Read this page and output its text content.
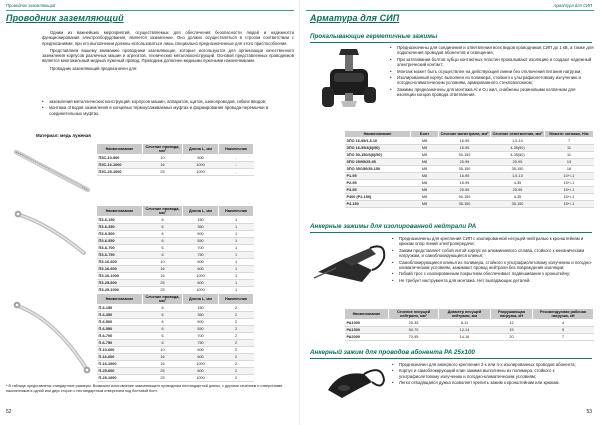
Проводник заземляющий
Проводник заземляющий

Одним из важнейших мероприятий, осуществляемых для обеспечения безопасности людей и надежности функционирования электрооборудования, является заземление. Оно должно осуществляться в строгом соответствии с предписаниями, при его выполнении должны использоваться лишь специально предназначенные для этого приспособления.

Представляем вашему вниманию проводники заземляющие, которые используются для организации качественного заземления корпусов различных машин и агрегатов, технических металлоконструкций. Основой представленных проводников является многожильный медный луженый провод. Проводник дополнен медными лужеными наконечниками.

Проводник заземляющий предназначен для:

• заземления металлических конструкций, корпусов машин, аппаратов, щитов, шинопроводов, гибких вводов;
• монтажа отводов заземления в концевых термоусаживаемых муфтах и формирования провода-перемычки в соединительных муфтах.
Материал: медь луженая
Наименование	Сечение провода, мм²	Длина L, мм	Наконечник
ПЗС-10-500	10	500	-
ПЗС-16-1000	16	1000	-
ПЗС-25-1000	25	1000	-
Наименование	Сечение провода, мм²	Длина L, мм	Наконечник
ПЗ-6-150	6	150	1
ПЗ-6-350	6	350	1
ПЗ-6-500	6	500	1
ПЗ-6-550	6	550	1
ПЗ-6-700	6	700	1
ПЗ-6-750	6	750	1
ПЗ-10-600	10	600	1
ПЗ-16-600	16	600	1
ПЗ-16-1000	16	1000	1
ПЗ-25-600	25	600	1
ПЗ-25-1000	25	1000	1
Наименование	Сечение провода, мм²	Длина L, мм	Наконечник
П-6-150	6	150	2
П-6-350	6	350	2
П-6-500	6	500	2
П-6-550	6	550	2
П-6-700	6	700	2
П-6-750	6	750	2
П-10-600	10	600	2
П-16-600	16	600	2
П-16-1000	16	1000	2
П-25-600	25	600	2
П-25-1000	25	1000	2
* В таблице представлены стандартные размеры. Возможно изготовление заземляющего проводника нестандартной длины, с другими сечением и отверстиями наконечников в одной или двух сторон с нестандартным отверстием под болтовой болт.
52
Арматура для СИП
Арматура для СИП
Прокалывающие герметичные зажимы
• Предназначены для соединения и ответвления всех видов проводников СИП до 1 кВ, а также для подключения проводов абонентов и освещения;
• При затягивании болтов зубцы контактных пластин прокалывают изоляцию и создают надежный электрический контакт;
• Монтаж может быть осуществлен на действующей линии без отключения питания нагрузки;
• Изолированный корпус выполнен из полимера, стойкого к ультрафиолетовому излучению и погодно-климатическим условиям, армированного стекловолокном;
• Зажимы предназначены для монтажа Al и Cu жил, снабжены резиновыми колпачком для изоляции концов провода ответвления.
Наименование	Болт	Сечение магистрали, мм²	Сечение ответвления, мм²	Момент затяжки, Н/м
ЗПО 16-95/1,5-10	M8	16-95	1,5-10	7
ЗПО 16-95/4(6)/50)	M8	16-95	4-35(50)	11
ЗПО 50-150/4(6)/50)	M8	50-150	4-35(50)	11
ЗПО 25/95/25-95	M8	25-95	25-95	13
ЗПО 35/150/35-150	M8	35-150	35-150	18
P1-95	M8	16-95	1,5-10	10+/-1
P2-95	M8	16-95	4-35	15+/-1
P3-95	M8	25-95	25-95	15+/-1
P400 (P2-150)	M8	50-150	4-35	15+/-1
P4-150	M8	35-150	35-150	15+/-1
Анкерные зажимы для изолированной нейтрали РА
• Предназначены для крепления СИП с изолированной несущей нейтралью к кронштейнам и крюкам опор линий электропередачи;
• Зажим представляет собой литой корпус из алюминиевого сплава, стойкого к механическим нагрузкам, и самоблокирующиеся клинья;
• Самоблокирующиеся клинья из полимера, стойкого к ультрафиолетовому излучению и погодно-климатическим условиям, зажимают провод нейтрали без повреждения изоляции;
• Гибкий трос с изолированным покрытием обеспечивает подвешивание к кронштейну;
• Не требует инструмента для монтажа. Нет выпадающих деталей.
Наименование	Сечение несущей нейтрали, мм²	Диаметр несущей нейтрали, мм	Разрушающая нагрузка, кН	Рекомендуемая рабочая нагрузка, кН
PA1000	25-35	8-11	12	4
PA1500	50-70	12-14	15	5
PA2000	70-95	14-16	20	7
Анкерный зажим для проводов абонента PA 25х100
• Предназначен для анкерного крепления 2-х или 4-х изолированных проводов абонента;
• Корпус и самоблокирующий клин зажима выполнены из полимера, стойкого к ультрафиолетовому излучению и погодно-климатическим условиям;
• Легко отводящаяся дужка позволяет крепить зажим к кронштейнам или крюкам.
53
